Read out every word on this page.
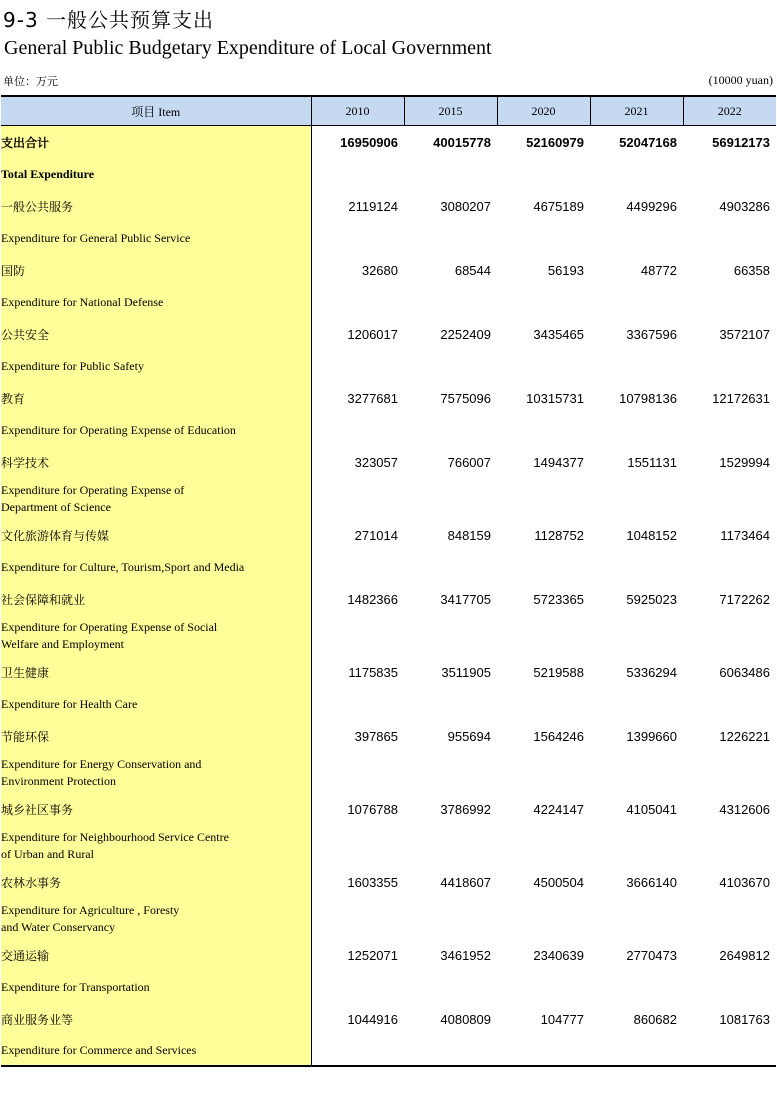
9-3 一般公共预算支出
General Public Budgetary Expenditure of Local Government
单位：万元	(10000 yuan)
项目 Item	2010	2015	2020	2021	2022
支出合计	16950906	40015778	52160979	52047168	56912173
Total Expenditure					
一般公共服务	2119124	3080207	4675189	4499296	4903286
Expenditure for General Public Service					
国防	32680	68544	56193	48772	66358
Expenditure for National Defense					
公共安全	1206017	2252409	3435465	3367596	3572107
Expenditure for Public Safety					
教育	3277681	7575096	10315731	10798136	12172631
Expenditure for Operating Expense of Education					
科学技术	323057	766007	1494377	1551131	1529994

Expenditure for Operating Expense of
Department of Science					

文化旅游体育与传媒	271014	848159	1128752	1048152	1173464
Expenditure for Culture, Tourism,Sport and Media					
社会保障和就业	1482366	3417705	5723365	5925023	7172262

Expenditure for Operating Expense of Social
Welfare and Employment					

卫生健康	1175835	3511905	5219588	5336294	6063486
Expenditure for Health Care					
节能环保	397865	955694	1564246	1399660	1226221

Expenditure for Energy Conservation and
Environment Protection					

城乡社区事务	1076788	3786992	4224147	4105041	4312606

Expenditure for Neighbourhood Service Centre
of Urban and Rural					

农林水事务	1603355	4418607	4500504	3666140	4103670

Expenditure for Agriculture , Foresty
and Water Conservancy					

交通运输	1252071	3461952	2340639	2770473	2649812
Expenditure for Transportation					
商业服务业等	1044916	4080809	104777	860682	1081763
Expenditure for Commerce and Services					
